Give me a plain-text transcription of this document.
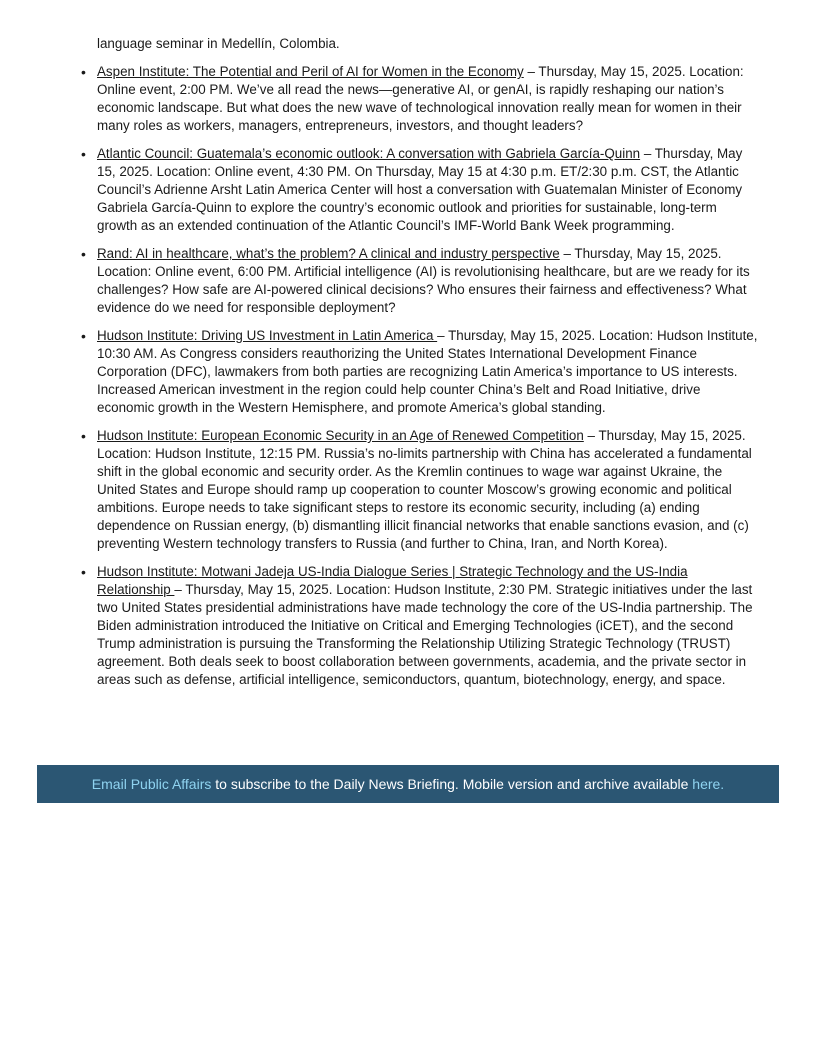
language seminar in Medellín, Colombia.
• Aspen Institute: The Potential and Peril of AI for Women in the Economy – Thursday, May 15, 2025. Location: Online event, 2:00 PM. We’ve all read the news—generative AI, or genAI, is rapidly reshaping our nation’s economic landscape. But what does the new wave of technological innovation really mean for women in their many roles as workers, managers, entrepreneurs, investors, and thought leaders?
• Atlantic Council: Guatemala’s economic outlook: A conversation with Gabriela García-Quinn – Thursday, May 15, 2025. Location: Online event, 4:30 PM. On Thursday, May 15 at 4:30 p.m. ET/2:30 p.m. CST, the Atlantic Council’s Adrienne Arsht Latin America Center will host a conversation with Guatemalan Minister of Economy Gabriela García-Quinn to explore the country’s economic outlook and priorities for sustainable, long-term growth as an extended continuation of the Atlantic Council’s IMF-World Bank Week programming.
• Rand: AI in healthcare, what’s the problem? A clinical and industry perspective – Thursday, May 15, 2025. Location: Online event, 6:00 PM. Artificial intelligence (AI) is revolutionising healthcare, but are we ready for its challenges? How safe are AI-powered clinical decisions? Who ensures their fairness and effectiveness? What evidence do we need for responsible deployment?
• Hudson Institute: Driving US Investment in Latin America – Thursday, May 15, 2025. Location: Hudson Institute, 10:30 AM. As Congress considers reauthorizing the United States International Development Finance Corporation (DFC), lawmakers from both parties are recognizing Latin America’s importance to US interests. Increased American investment in the region could help counter China’s Belt and Road Initiative, drive economic growth in the Western Hemisphere, and promote America’s global standing.
• Hudson Institute: European Economic Security in an Age of Renewed Competition – Thursday, May 15, 2025. Location: Hudson Institute, 12:15 PM. Russia’s no-limits partnership with China has accelerated a fundamental shift in the global economic and security order. As the Kremlin continues to wage war against Ukraine, the United States and Europe should ramp up cooperation to counter Moscow’s growing economic and political ambitions. Europe needs to take significant steps to restore its economic security, including (a) ending dependence on Russian energy, (b) dismantling illicit financial networks that enable sanctions evasion, and (c) preventing Western technology transfers to Russia (and further to China, Iran, and North Korea).
• Hudson Institute: Motwani Jadeja US-India Dialogue Series | Strategic Technology and the US-India Relationship – Thursday, May 15, 2025. Location: Hudson Institute, 2:30 PM. Strategic initiatives under the last two United States presidential administrations have made technology the core of the US-India partnership. The Biden administration introduced the Initiative on Critical and Emerging Technologies (iCET), and the second Trump administration is pursuing the Transforming the Relationship Utilizing Strategic Technology (TRUST) agreement. Both deals seek to boost collaboration between governments, academia, and the private sector in areas such as defense, artificial intelligence, semiconductors, quantum, biotechnology, energy, and space.
Email Public Affairs to subscribe to the Daily News Briefing. Mobile version and archive available here.
